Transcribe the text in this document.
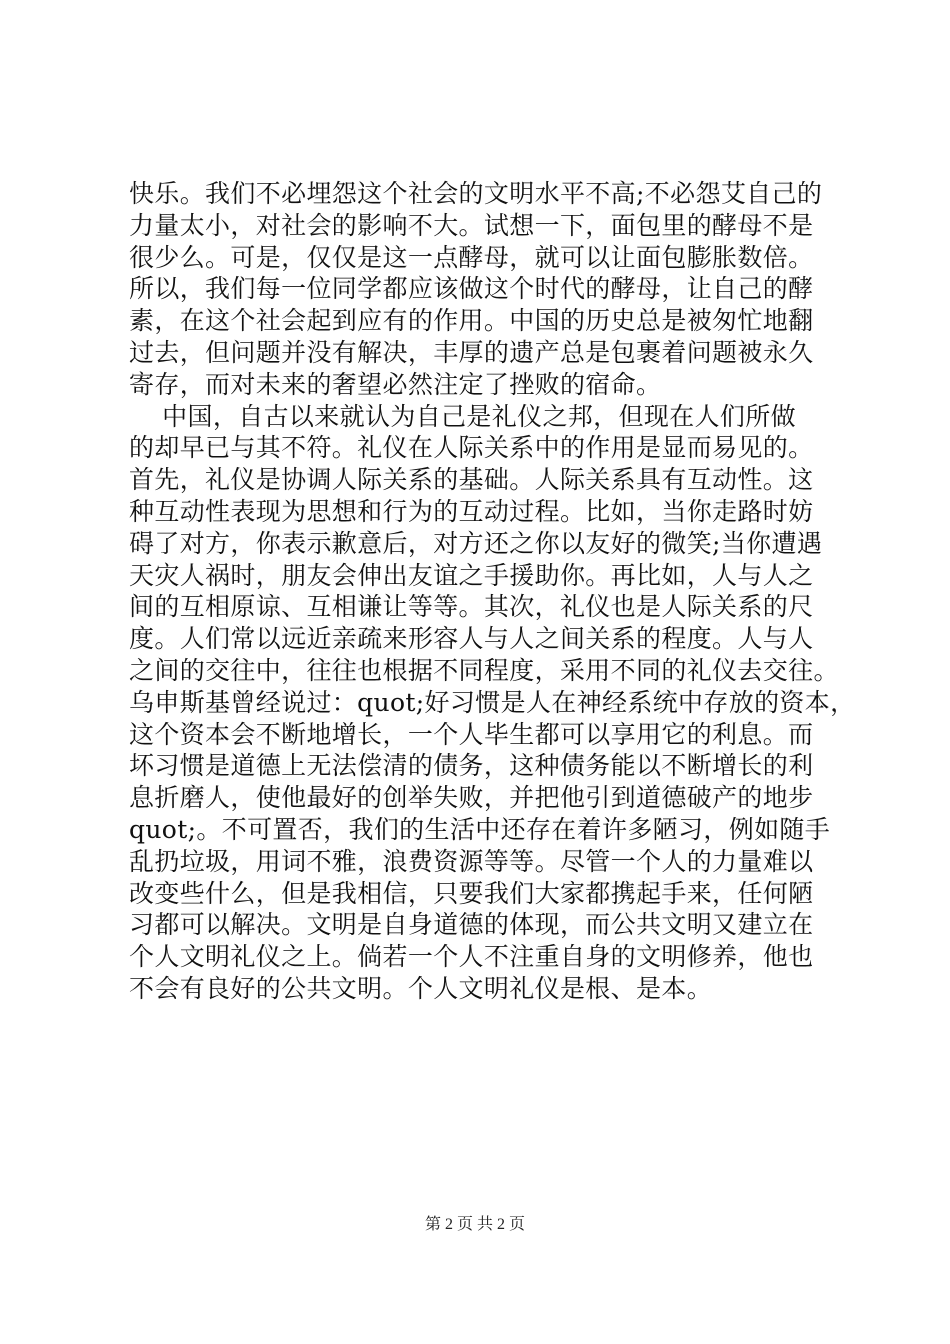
快乐。我们不必埋怨这个社会的文明水平不高;不必怨艾自己的
力量太小，对社会的影响不大。试想一下，面包里的酵母不是
很少么。可是，仅仅是这一点酵母，就可以让面包膨胀数倍。
所以，我们每一位同学都应该做这个时代的酵母，让自己的酵
素，在这个社会起到应有的作用。中国的历史总是被匆忙地翻
过去，但问题并没有解决，丰厚的遗产总是包裹着问题被永久
寄存，而对未来的奢望必然注定了挫败的宿命。
中国，自古以来就认为自己是礼仪之邦，但现在人们所做
的却早已与其不符。礼仪在人际关系中的作用是显而易见的。
首先，礼仪是协调人际关系的基础。人际关系具有互动性。这
种互动性表现为思想和行为的互动过程。比如，当你走路时妨
碍了对方，你表示歉意后，对方还之你以友好的微笑;当你遭遇
天灾人祸时，朋友会伸出友谊之手援助你。再比如，人与人之
间的互相原谅、互相谦让等等。其次，礼仪也是人际关系的尺
度。人们常以远近亲疏来形容人与人之间关系的程度。人与人
之间的交往中，往往也根据不同程度，采用不同的礼仪去交往。
乌申斯基曾经说过：quot;好习惯是人在神经系统中存放的资本，
这个资本会不断地增长，一个人毕生都可以享用它的利息。而
坏习惯是道德上无法偿清的债务，这种债务能以不断增长的利
息折磨人，使他最好的创举失败，并把他引到道德破产的地步
quot;。不可置否，我们的生活中还存在着许多陋习，例如随手
乱扔垃圾，用词不雅，浪费资源等等。尽管一个人的力量难以
改变些什么，但是我相信，只要我们大家都携起手来，任何陋
习都可以解决。文明是自身道德的体现，而公共文明又建立在
个人文明礼仪之上。倘若一个人不注重自身的文明修养，他也
不会有良好的公共文明。个人文明礼仪是根、是本。
第 2 页 共 2 页
